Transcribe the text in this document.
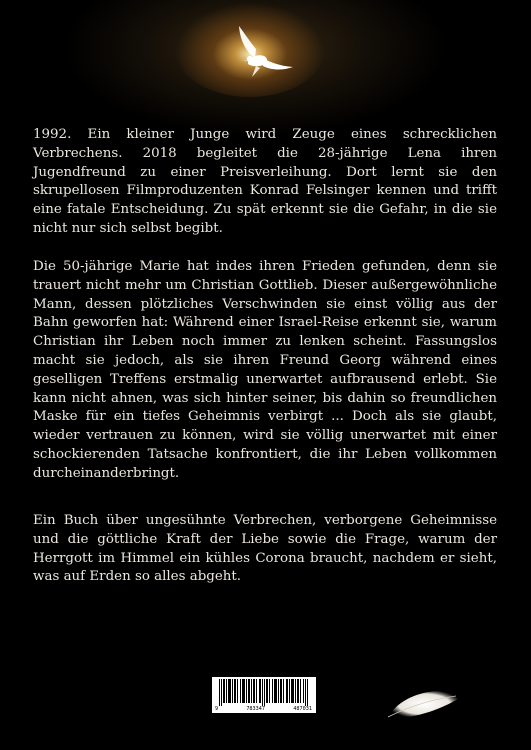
1992. Ein kleiner Junge wird Zeuge eines schrecklichen Verbrechens. 2018 begleitet die 28-jährige Lena ihren Jugendfreund zu einer Preisverleihung. Dort lernt sie den skrupellosen Filmproduzenten Konrad Felsinger kennen und trifft eine fatale Entscheidung. Zu spät erkennt sie die Gefahr, in die sie nicht nur sich selbst begibt.

Die 50-jährige Marie hat indes ihren Frieden gefunden, denn sie trauert nicht mehr um Christian Gottlieb. Dieser außergewöhnliche Mann, dessen plötzliches Verschwinden sie einst völlig aus der Bahn geworfen hat: Während einer Israel-Reise erkennt sie, warum Christian ihr Leben noch immer zu lenken scheint. Fassungslos macht sie jedoch, als sie ihren Freund Georg während eines geselligen Treffens erstmalig unerwartet aufbrausend erlebt. Sie kann nicht ahnen, was sich hinter seiner, bis dahin so freundlichen Maske für ein tiefes Geheimnis verbirgt ... Doch als sie glaubt, wieder vertrauen zu können, wird sie völlig unerwartet mit einer schockierenden Tatsache konfrontiert, die ihr Leben vollkommen durcheinanderbringt.

Ein Buch über ungesühnte Verbrechen, verborgene Geheimnisse und die göttliche Kraft der Liebe sowie die Frage, warum der Herrgott im Himmel ein kühles Corona braucht, nachdem er sieht, was auf Erden so alles abgeht.

9	783347	487031
